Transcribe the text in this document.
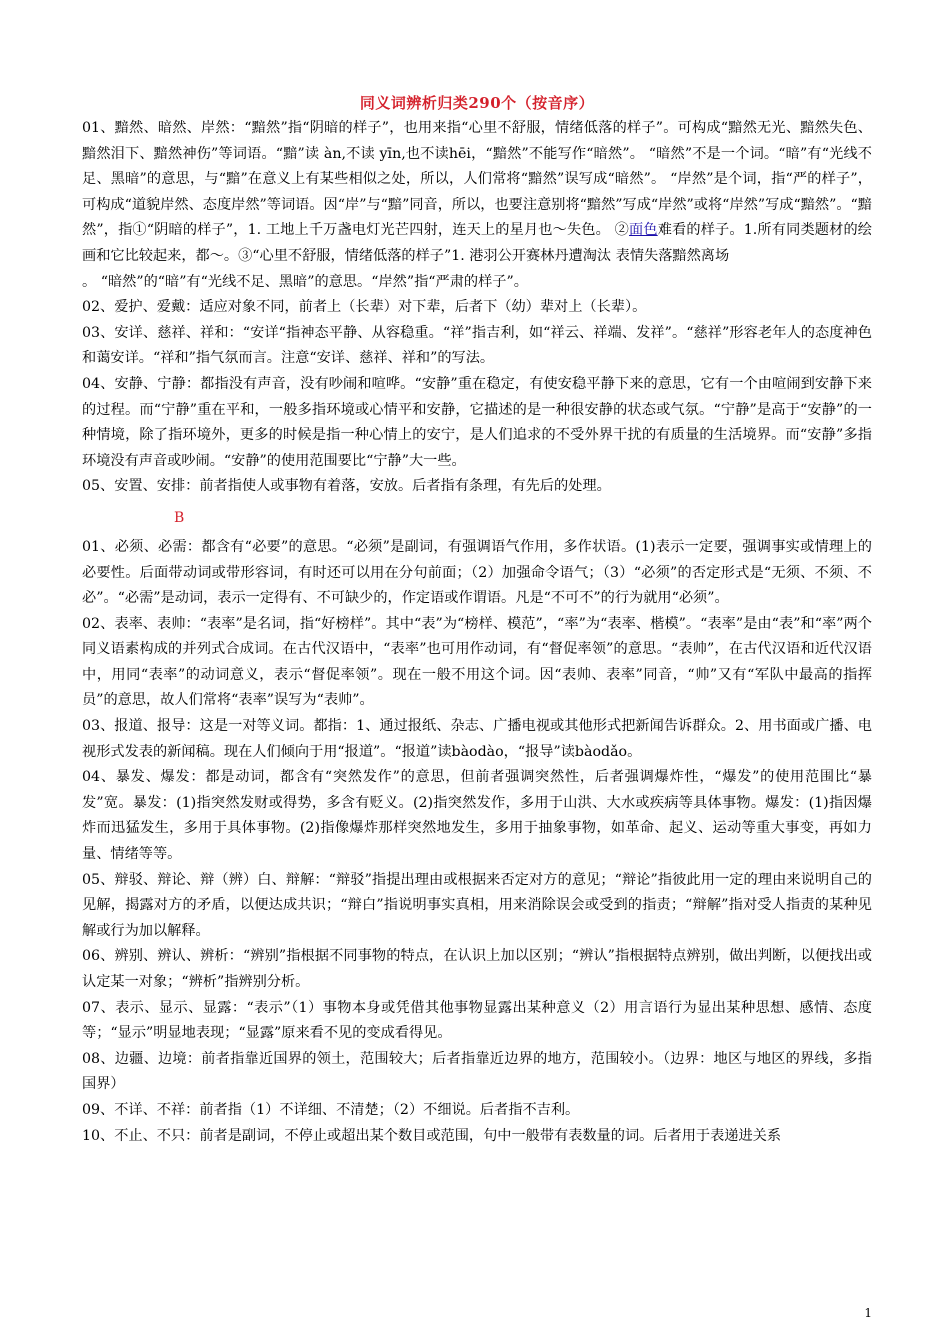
同义词辨析归类290个（按音序）

01、黯然、暗然、岸然：“黯然”指“阴暗的样子”，也用来指“心里不舒服，情绪低落的样子”。可构成“黯然无光、黯然失色、黯然泪下、黯然神伤”等词语。“黯”读 àn,不读 yīn,也不读hēi，“黯然”不能写作“暗然”。 “暗然”不是一个词。“暗”有“光线不足、黑暗”的意思，与“黯”在意义上有某些相似之处，所以，人们常将“黯然”误写成“暗然”。 “岸然”是个词，指“严的样子”，可构成“道貌岸然、态度岸然”等词语。因“岸”与“黯”同音，所以，也要注意别将“黯然”写成“岸然”或将“岸然”写成“黯然”。“黯然”，指①“阴暗的样子”，1. 工地上千万盏电灯光芒四射，连天上的星月也～失色。 ②面色难看的样子。1.所有同类题材的绘画和它比较起来，都～。③“心里不舒服，情绪低落的样子”1. 港羽公开赛林丹遭淘汰 表情失落黯然离场

。 “暗然”的“暗”有“光线不足、黑暗”的意思。“岸然”指“严肃的样子”。

02、爱护、爱戴：适应对象不同，前者上（长辈）对下辈，后者下（幼）辈对上（长辈）。

03、安详、慈祥、祥和：“安详“指神态平静、从容稳重。“祥”指吉利，如“祥云、祥端、发祥”。“慈祥”形容老年人的态度神色和蔼安详。“祥和”指气氛而言。注意“安详、慈祥、祥和”的写法。

04、安静、宁静：都指没有声音，没有吵闹和喧哗。“安静”重在稳定，有使安稳平静下来的意思，它有一个由喧闹到安静下来的过程。而“宁静”重在平和，一般多指环境或心情平和安静，它描述的是一种很安静的状态或气氛。“宁静”是高于“安静”的一种情境，除了指环境外，更多的时候是指一种心情上的安宁，是人们追求的不受外界干扰的有质量的生活境界。而“安静”多指环境没有声音或吵闹。“安静”的使用范围要比“宁静”大一些。

05、安置、安排：前者指使人或事物有着落，安放。后者指有条理，有先后的处理。

B

01、必须、必需：都含有“必要”的意思。“必须”是副词，有强调语气作用，多作状语。(1)表示一定要，强调事实或情理上的必要性。后面带动词或带形容词，有时还可以用在分句前面；（2）加强命令语气；（3）“必须”的否定形式是“无须、不须、不必”。“必需”是动词，表示一定得有、不可缺少的，作定语或作谓语。凡是“不可不”的行为就用“必须”。

02、表率、表帅：“表率”是名词，指“好榜样”。其中“表”为“榜样、模范”，“率”为“表率、楷模”。“表率”是由“表”和“率”两个同义语素构成的并列式合成词。在古代汉语中，“表率”也可用作动词，有“督促率领”的意思。“表帅”，在古代汉语和近代汉语中，用同“表率”的动词意义，表示“督促率领”。现在一般不用这个词。因“表帅、表率”同音，“帅”又有“军队中最高的指挥员”的意思，故人们常将“表率”误写为“表帅”。

03、报道、报导：这是一对等义词。都指：1、通过报纸、杂志、广播电视或其他形式把新闻告诉群众。2、用书面或广播、电视形式发表的新闻稿。现在人们倾向于用“报道”。“报道”读bàodào，“报导”读bàodǎo。

04、暴发、爆发：都是动词，都含有“突然发作”的意思，但前者强调突然性，后者强调爆炸性，“爆发”的使用范围比“暴发”宽。暴发：(1)指突然发财或得势，多含有贬义。(2)指突然发作，多用于山洪、大水或疾病等具体事物。爆发：(1)指因爆炸而迅猛发生，多用于具体事物。(2)指像爆炸那样突然地发生，多用于抽象事物，如革命、起义、运动等重大事变，再如力量、情绪等等。

05、辩驳、辩论、辩（辨）白、辩解：“辩驳”指提出理由或根据来否定对方的意见；“辩论”指彼此用一定的理由来说明自己的见解，揭露对方的矛盾，以便达成共识；“辩白”指说明事实真相，用来消除误会或受到的指责；“辩解”指对受人指责的某种见解或行为加以解释。

06、辨别、辨认、辨析：“辨别”指根据不同事物的特点，在认识上加以区别；“辨认”指根据特点辨别，做出判断，以便找出或认定某一对象；“辨析”指辨别分析。

07、表示、显示、显露：“表示”（1）事物本身或凭借其他事物显露出某种意义（2）用言语行为显出某种思想、感情、态度等；“显示”明显地表现；“显露”原来看不见的变成看得见。

08、边疆、边境：前者指靠近国界的领土，范围较大；后者指靠近边界的地方，范围较小。（边界：地区与地区的界线，多指国界）

09、不详、不祥：前者指（1）不详细、不清楚；（2）不细说。后者指不吉利。

10、不止、不只：前者是副词，不停止或超出某个数目或范围，句中一般带有表数量的词。后者用于表递进关系

1
